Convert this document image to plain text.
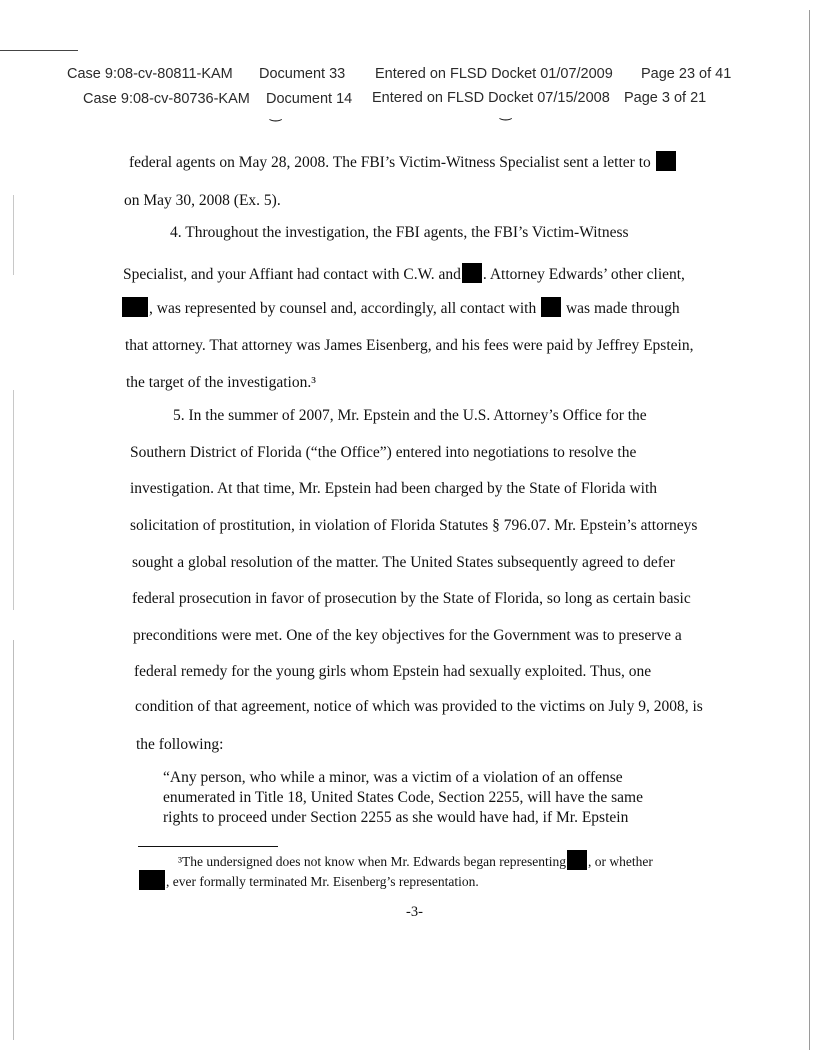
Case 9:08-cv-80811-KAM Document 33 Entered on FLSD Docket 01/07/2009 Page 23 of 41
Case 9:08-cv-80736-KAM Document 14 Entered on FLSD Docket 07/15/2008 Page 3 of 21
‿	‿
federal agents on May 28, 2008. The FBI’s Victim-Witness Specialist sent a letter to
on May 30, 2008 (Ex. 5).
4. Throughout the investigation, the FBI agents, the FBI’s Victim-Witness
Specialist, and your Affiant had contact with C.W. and . Attorney Edwards’ other client,
, was represented by counsel and, accordingly, all contact with  was made through
that attorney. That attorney was James Eisenberg, and his fees were paid by Jeffrey Epstein,
the target of the investigation.³
5. In the summer of 2007, Mr. Epstein and the U.S. Attorney’s Office for the
Southern District of Florida (“the Office”) entered into negotiations to resolve the
investigation. At that time, Mr. Epstein had been charged by the State of Florida with
solicitation of prostitution, in violation of Florida Statutes § 796.07. Mr. Epstein’s attorneys
sought a global resolution of the matter. The United States subsequently agreed to defer
federal prosecution in favor of prosecution by the State of Florida, so long as certain basic
preconditions were met. One of the key objectives for the Government was to preserve a
federal remedy for the young girls whom Epstein had sexually exploited. Thus, one
condition of that agreement, notice of which was provided to the victims on July 9, 2008, is
the following:
“Any person, who while a minor, was a victim of a violation of an offense
enumerated in Title 18, United States Code, Section 2255, will have the same
rights to proceed under Section 2255 as she would have had, if Mr. Epstein
³The undersigned does not know when Mr. Edwards began representing , or whether
, ever formally terminated Mr. Eisenberg’s representation.
-3-
